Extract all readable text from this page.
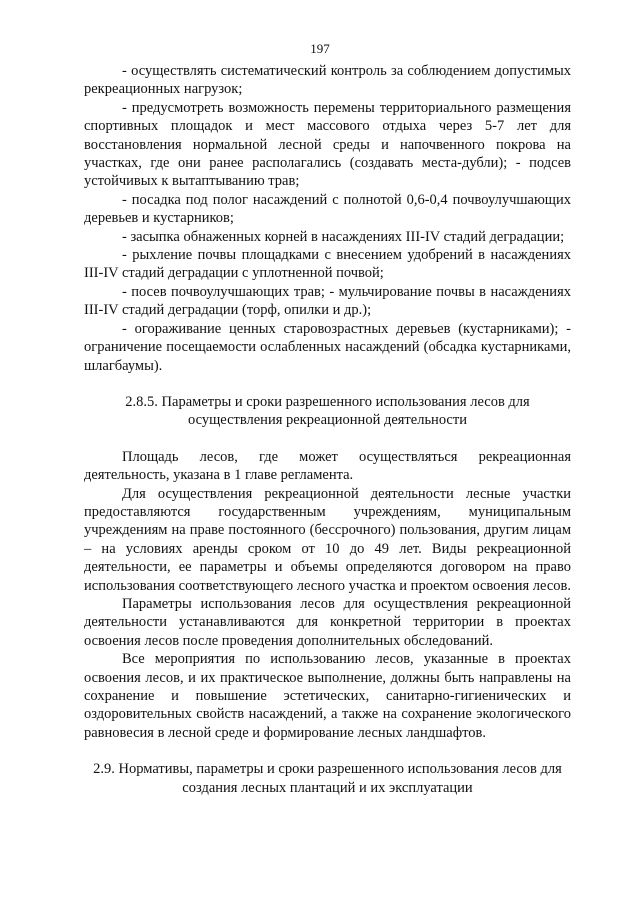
197

- осуществлять систематический контроль за соблюдением допустимых рекреационных нагрузок;

- предусмотреть возможность перемены территориального размещения спортивных площадок и мест массового отдыха через 5-7 лет для восстановления нормальной лесной среды и напочвенного покрова на участках, где они ранее располагались (создавать места-дубли); - подсев устойчивых к вытаптыванию трав;

- посадка под полог насаждений с полнотой 0,6-0,4 почвоулучшающих деревьев и кустарников;

- засыпка обнаженных корней в насаждениях III-IV стадий деградации;

- рыхление почвы площадками с внесением удобрений в насаждениях III-IV стадий деградации с уплотненной почвой;

- посев почвоулучшающих трав; - мульчирование почвы в насаждениях III-IV стадий деградации (торф, опилки и др.);

- огораживание ценных старовозрастных деревьев (кустарниками); - ограничение посещаемости ослабленных насаждений (обсадка кустарниками, шлагбаумы).

2.8.5. Параметры и сроки разрешенного использования лесов для осуществления рекреационной деятельности

Площадь лесов, где может осуществляться рекреационная деятельность, указана в 1 главе регламента.

Для осуществления рекреационной деятельности лесные участки предоставляются государственным учреждениям, муниципальным учреждениям на праве постоянного (бессрочного) пользования, другим лицам – на условиях аренды сроком от 10 до 49 лет. Виды рекреационной деятельности, ее параметры и объемы определяются договором на право использования соответствующего лесного участка и проектом освоения лесов.

Параметры использования лесов для осуществления рекреационной деятельности устанавливаются для конкретной территории в проектах освоения лесов после проведения дополнительных обследований.

Все мероприятия по использованию лесов, указанные в проектах освоения лесов, и их практическое выполнение, должны быть направлены на сохранение и повышение эстетических, санитарно-гигиенических и оздоровительных свойств насаждений, а также на сохранение экологического равновесия в лесной среде и формирование лесных ландшафтов.

2.9. Нормативы, параметры и сроки разрешенного использования лесов для создания лесных плантаций и их эксплуатации
